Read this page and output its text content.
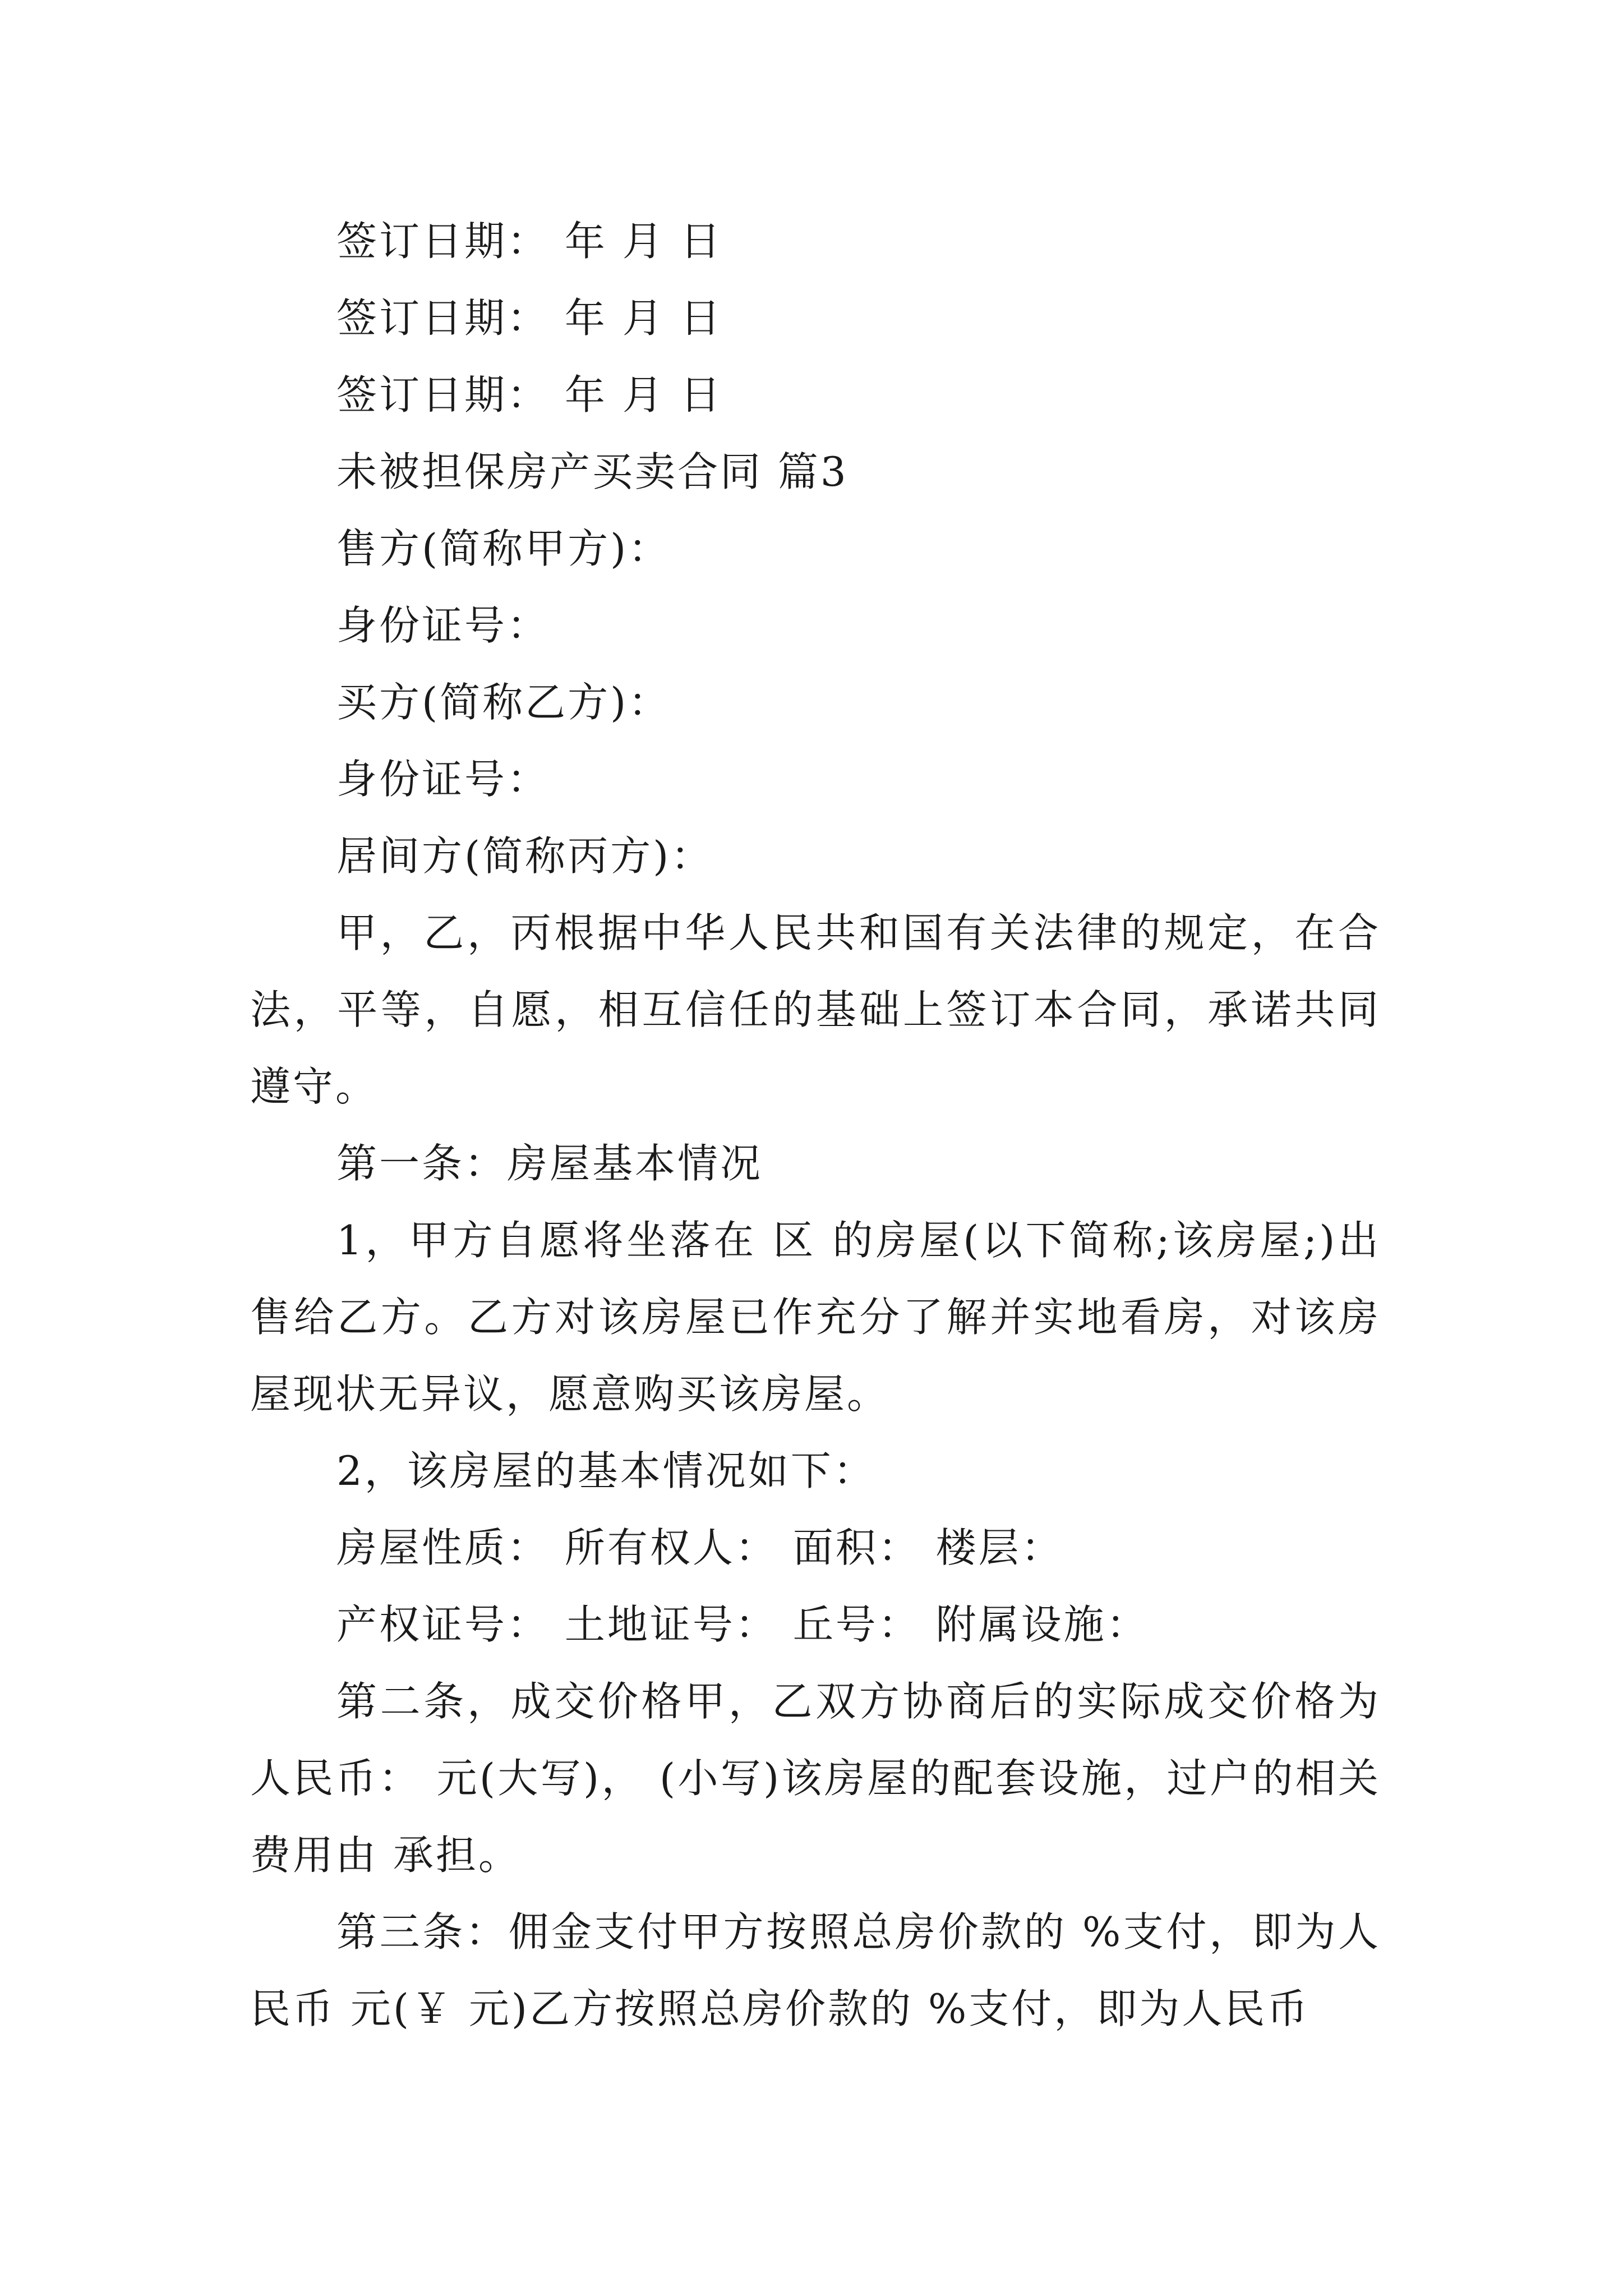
签订日期： 年 月 日
签订日期： 年 月 日
签订日期： 年 月 日
未被担保房产买卖合同 篇3
售方(简称甲方)：
身份证号：
买方(简称乙方)：
身份证号：
居间方(简称丙方)：
甲，乙，丙根据中华人民共和国有关法律的规定，在合法，平等，自愿，相互信任的基础上签订本合同，承诺共同遵守。
第一条：房屋基本情况
1，甲方自愿将坐落在 区 的房屋(以下简称;该房屋;)出售给乙方。乙方对该房屋已作充分了解并实地看房，对该房屋现状无异议，愿意购买该房屋。
2，该房屋的基本情况如下：
房屋性质： 所有权人： 面积： 楼层：
产权证号： 土地证号： 丘号： 附属设施：
第二条，成交价格甲，乙双方协商后的实际成交价格为人民币： 元(大写)， (小写)该房屋的配套设施，过户的相关费用由 承担。
第三条：佣金支付甲方按照总房价款的 %支付，即为人民币 元(￥ 元)乙方按照总房价款的 %支付，即为人民币
